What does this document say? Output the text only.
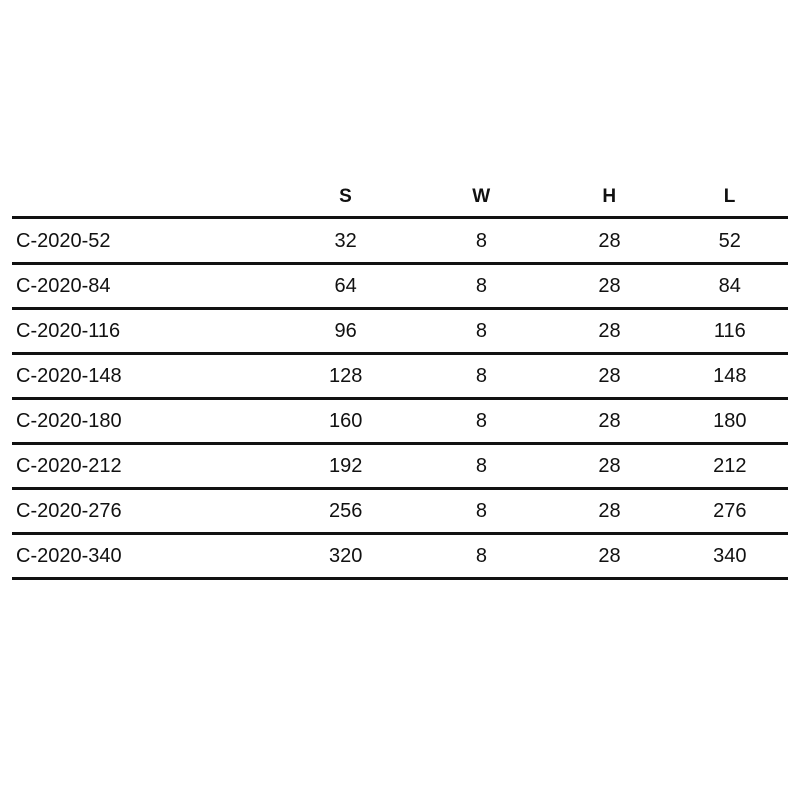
	S	W	H	L
C-2020-52	32	8	28	52
C-2020-84	64	8	28	84
C-2020-116	96	8	28	116
C-2020-148	128	8	28	148
C-2020-180	160	8	28	180
C-2020-212	192	8	28	212
C-2020-276	256	8	28	276
C-2020-340	320	8	28	340
